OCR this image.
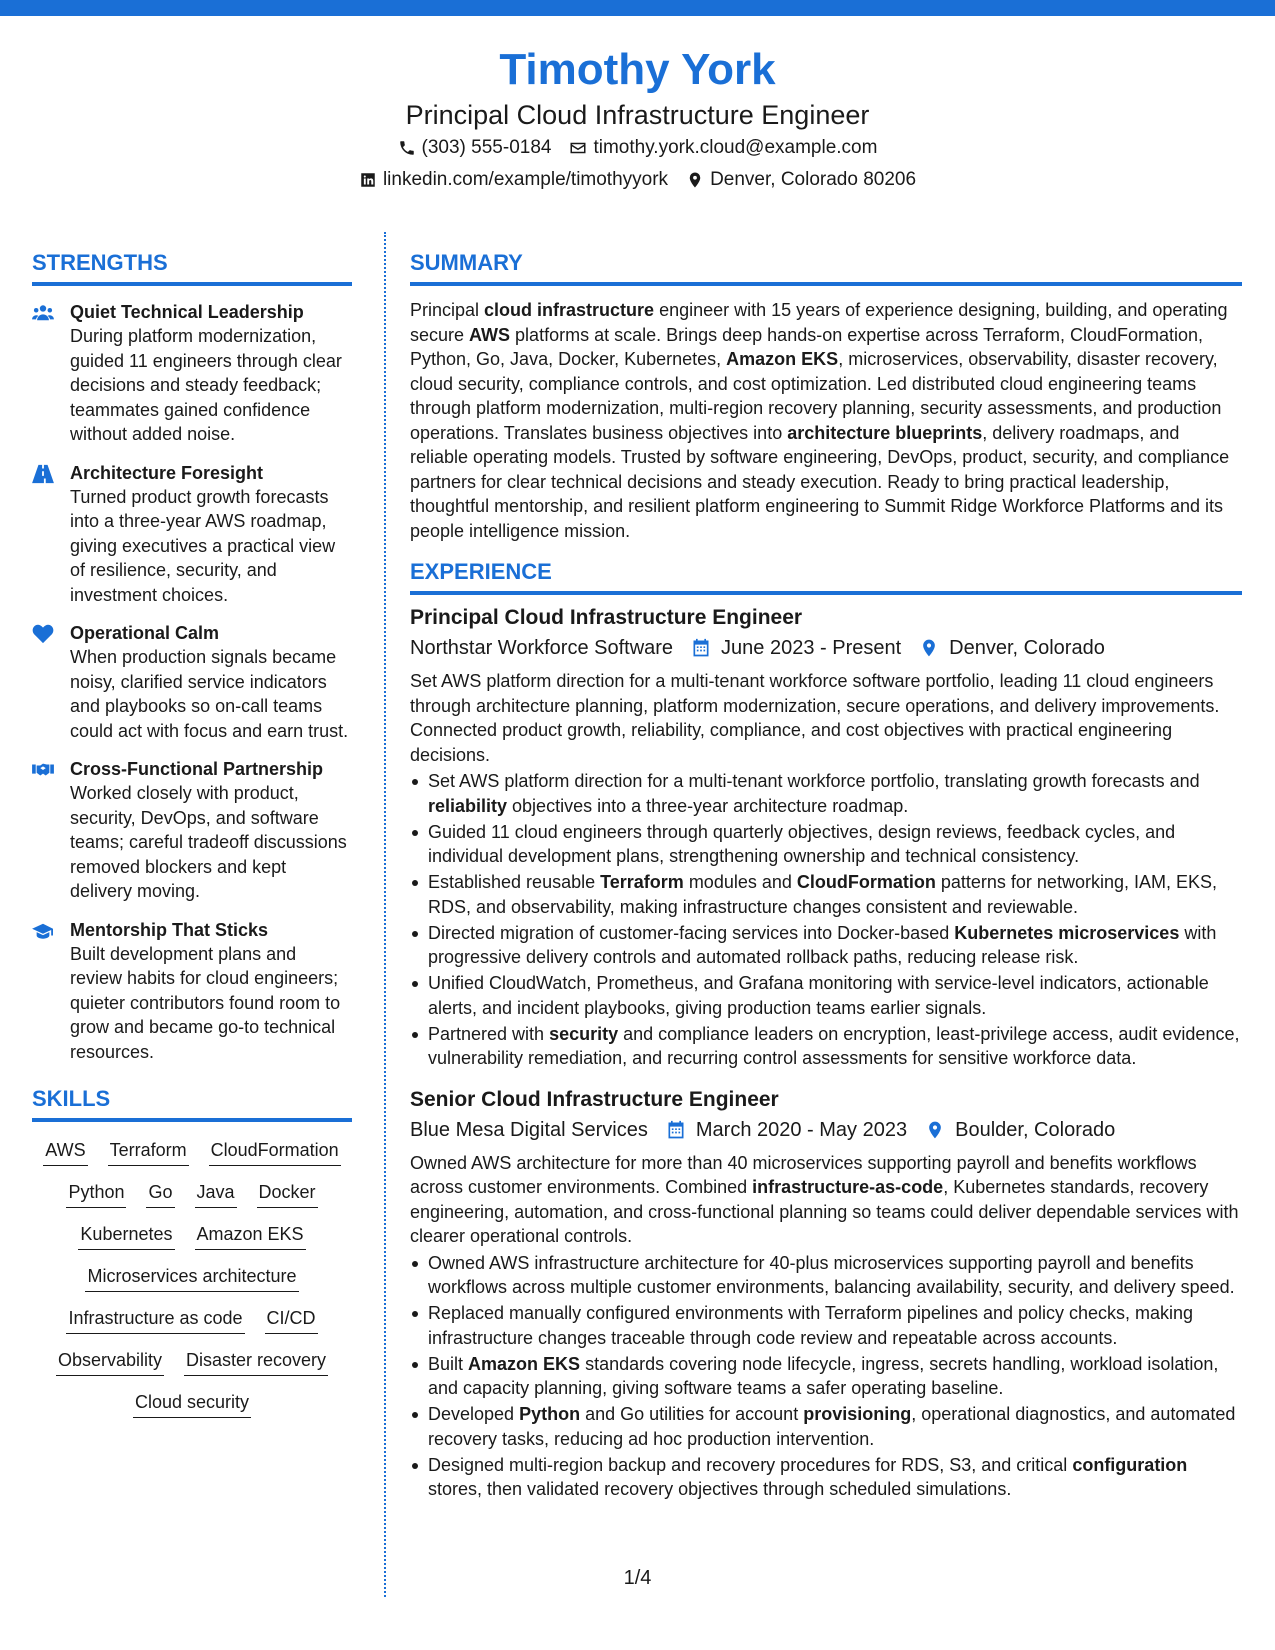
Timothy York
Principal Cloud Infrastructure Engineer
(303) 555-0184 timothy.york.cloud@example.com
linkedin.com/example/timothyyork Denver, Colorado 80206
STRENGTHS
Quiet Technical Leadership
During platform modernization, guided 11 engineers through clear decisions and steady feedback; teammates gained confidence without added noise.
Architecture Foresight
Turned product growth forecasts into a three-year AWS roadmap, giving executives a practical view of resilience, security, and investment choices.
Operational Calm
When production signals became noisy, clarified service indicators and playbooks so on-call teams could act with focus and earn trust.
Cross-Functional Partnership
Worked closely with product, security, DevOps, and software teams; careful tradeoff discussions removed blockers and kept delivery moving.
Mentorship That Sticks
Built development plans and review habits for cloud engineers; quieter contributors found room to grow and became go-to technical resources.
SKILLS
AWS Terraform CloudFormation
Python Go Java Docker
Kubernetes Amazon EKS
Microservices architecture
Infrastructure as code CI/CD
Observability Disaster recovery
Cloud security
SUMMARY

Principal cloud infrastructure engineer with 15 years of experience designing, building, and operating secure AWS platforms at scale. Brings deep hands-on expertise across Terraform, CloudFormation, Python, Go, Java, Docker, Kubernetes, Amazon EKS, microservices, observability, disaster recovery, cloud security, compliance controls, and cost optimization. Led distributed cloud engineering teams through platform modernization, multi-region recovery planning, security assessments, and production operations. Translates business objectives into architecture blueprints, delivery roadmaps, and reliable operating models. Trusted by software engineering, DevOps, product, security, and compliance partners for clear technical decisions and steady execution. Ready to bring practical leadership, thoughtful mentorship, and resilient platform engineering to Summit Ridge Workforce Platforms and its people intelligence mission.

EXPERIENCE
Principal Cloud Infrastructure Engineer
Northstar Workforce Software June 2023 - Present Denver, Colorado

Set AWS platform direction for a multi-tenant workforce software portfolio, leading 11 cloud engineers through architecture planning, platform modernization, secure operations, and delivery improvements. Connected product growth, reliability, compliance, and cost objectives with practical engineering decisions.

Set AWS platform direction for a multi-tenant workforce portfolio, translating growth forecasts and reliability objectives into a three-year architecture roadmap.
Guided 11 cloud engineers through quarterly objectives, design reviews, feedback cycles, and individual development plans, strengthening ownership and technical consistency.
Established reusable Terraform modules and CloudFormation patterns for networking, IAM, EKS, RDS, and observability, making infrastructure changes consistent and reviewable.
Directed migration of customer-facing services into Docker-based Kubernetes microservices with progressive delivery controls and automated rollback paths, reducing release risk.
Unified CloudWatch, Prometheus, and Grafana monitoring with service-level indicators, actionable alerts, and incident playbooks, giving production teams earlier signals.
Partnered with security and compliance leaders on encryption, least-privilege access, audit evidence, vulnerability remediation, and recurring control assessments for sensitive workforce data.
Senior Cloud Infrastructure Engineer
Blue Mesa Digital Services March 2020 - May 2023 Boulder, Colorado

Owned AWS architecture for more than 40 microservices supporting payroll and benefits workflows across customer environments. Combined infrastructure-as-code, Kubernetes standards, recovery engineering, automation, and cross-functional planning so teams could deliver dependable services with clearer operational controls.

Owned AWS infrastructure architecture for 40-plus microservices supporting payroll and benefits workflows across multiple customer environments, balancing availability, security, and delivery speed.
Replaced manually configured environments with Terraform pipelines and policy checks, making infrastructure changes traceable through code review and repeatable across accounts.
Built Amazon EKS standards covering node lifecycle, ingress, secrets handling, workload isolation, and capacity planning, giving software teams a safer operating baseline.
Developed Python and Go utilities for account provisioning, operational diagnostics, and automated recovery tasks, reducing ad hoc production intervention.
Designed multi-region backup and recovery procedures for RDS, S3, and critical configuration stores, then validated recovery objectives through scheduled simulations.
1/4
